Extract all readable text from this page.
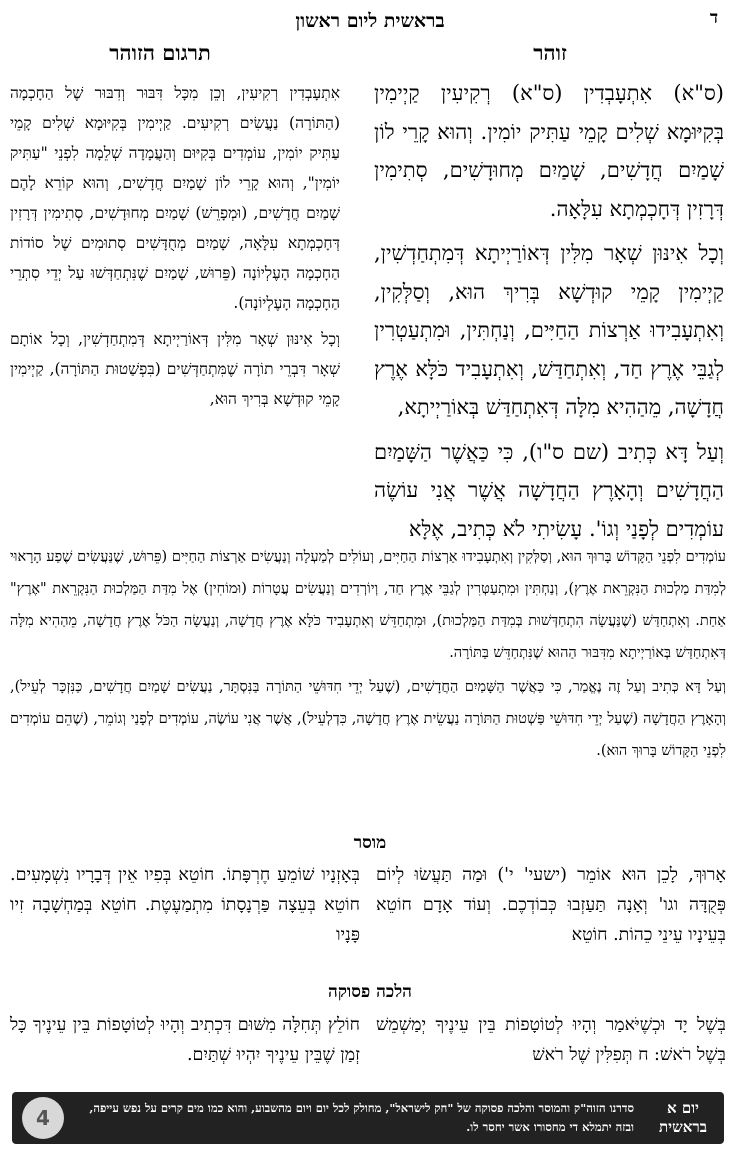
ד
בראשית ליום ראשון
זוהר
תרגום הזוהר

(ס"א) אִתְעָבְדִין (ס"א) רְקִיעִין קַיְימִין בְּקִיּוּמָא שְׁלִים קָמֵי עַתִּיק יוֹמִין. וְהוּא קָרֵי לוֹן שָׁמַיִם חֲדָשִׁים, שָׁמַיִם מְחוּדָשִׁים, סְתִימִין דְּרָזִין דְּחָכְמְתָא עִלָּאָה.

וְכָל אִינּוּן שְׁאָר מִלִּין דְּאוֹרַיְיתָא דְּמִתְחַדְשִׁין, קַיְימִין קָמֵי קוּדְשָׁא בְּרִיךְ הוּא, וְסַלְּקִין, וְאִתְעָבִידוּ אַרְצוֹת הַחַיִּים, וְנַחְתִּין, וּמִתְעַטְרִין לְגַבֵּי אֶרֶץ חַד, וְאִתְחַדַּשׁ, וְאִתְעָבִיד כֹּלָּא אֶרֶץ חֲדָשָׁה, מֵהַהִיא מִלָּה דְּאִתְחַדַּשׁ בְּאוֹרַיְיתָא,

וְעַל דָּא כְּתִיב (שם ס"ו), כִּי כַּאֲשֶׁר הַשָּׁמַיִם הַחֲדָשִׁים וְהָאָרֶץ הַחֲדָשָׁה אֲשֶׁר אֲנִי עוֹשֶׂה עוֹמְדִים לְפָנַי וְגוֹ'. עָשִׂיתִי לֹא כְּתִיב, אֶלָּא

אִתְעָבְדִין רְקִיעִין, וְכֵן מִכָּל דִּבּוּר וְדִבּוּר שֶׁל הַחָכְמָה (הַתּוֹרָה) נַעֲשִׂים רְקִיעִים. קַיְימִין בְּקִיּוּמָא שְׁלִים קָמֵי עַתִּיק יוֹמִין, עוֹמְדִים בְּקִיּוּם וְהַעֲמָדָה שְׁלֵמָה לִפְנֵי "עַתִּיק יוֹמִין", וְהוּא קָרֵי לוֹן שָׁמַיִם חֲדָשִׁים, וְהוּא קוֹרֵא לָהֶם שָׁמַיִם חֲדָשִׁים, (וּמְפָרֵשׁ) שָׁמַיִם מְחוּדָשִׁים, סְתִימִין דְּרָזִין דְּחָכְמְתָא עִלָּאָה, שָׁמַיִם מְחֻדָּשִׁים סְתוּמִים שֶׁל סוֹדוֹת הַחָכְמָה הָעֶלְיוֹנָה (פֵּרוּשׁ, שָׁמַיִם שֶׁנִּתְחַדְּשׁוּ עַל יְדֵי סִתְרֵי הַחָכְמָה הָעֶלְיוֹנָה).

וְכָל אִינּוּן שְׁאָר מִלִּין דְּאוֹרַיְיתָא דְּמִתְחַדְשִׁין, וְכָל אוֹתָם שְׁאָר דִּבְרֵי תוֹרָה שֶׁמִּתְחַדְּשִׁים (בִּפְשַׁטוּת הַתּוֹרָה), קַיְימִין קָמֵי קוּדְשָׁא בְּרִיךְ הוּא,

עוֹמְדִים לִפְנֵי הַקָּדוֹשׁ בָּרוּךְ הוּא, וְסַלְּקִין וְאִתְעָבִידוּ אַרְצוֹת הַחַיִּים, וְעוֹלִים לְמַעְלָה וְנַעֲשִׂים אַרְצוֹת הַחַיִּים (פֵּרוּשׁ, שֶׁנַּעֲשִׂים שֶׁפַע הָרָאוּי לְמִדַּת מַלְכוּת הַנִּקְרֵאת אֶרֶץ), וְנַחְתִּין וּמִתְעַטְּרִין לְגַבֵּי אֶרֶץ חַד, וְיוֹרְדִים וְנַעֲשִׂים עֲטָרוֹת (וּמוֹחִין) אֶל מִדַּת הַמַּלְכוּת הַנִּקְרֵאת "אֶרֶץ" אַחַת. וְאִתְחַדַּשׁ (שֶׁנַּעֲשָׂה הִתְחַדְּשׁוּת בְּמִדַּת הַמַּלְכוּת), וּמִתְחַדֵּשׁ וְאִתְעָבִיד כֹּלָּא אֶרֶץ חֲדָשָׁה, וְנַעֲשָׂה הַכֹּל אֶרֶץ חֲדָשָׁה, מֵהַהִיא מִלָּה דְּאִתְחַדַּשׁ בְּאוֹרַיְיתָא מִדִּבּוּר הַהוּא שֶׁנִּתְחַדֵּשׁ בַּתּוֹרָה.

וְעַל דָּא כְּתִיב וְעַל זֶה נֶאֱמַר, כִּי כַּאֲשֶׁר הַשָּׁמַיִם הַחֲדָשִׁים, (שֶׁעַל יְדֵי חִדּוּשֵׁי הַתּוֹרָה בַּנִּסְתָּר, נַעֲשִׂים שָׁמַיִם חֲדָשִׁים, כַּנִּזְכָּר לְעֵיל), וְהָאָרֶץ הַחֲדָשָׁה (שֶׁעַל יְדֵי חִדּוּשֵׁי פַּשְׁטוּת הַתּוֹרָה נַעֲשֵׂית אֶרֶץ חֲדָשָׁה, כִּדְלְעֵיל), אֲשֶׁר אֲנִי עוֹשֶׂה, עוֹמְדִים לְפָנַי וְגוֹמֵר, (שֶׁהֵם עוֹמְדִים לִפְנֵי הַקָּדוֹשׁ בָּרוּךְ הוּא).

מוסר
אָרוּךְ, לָכֵן הוּא אוֹמֵר (ישעי' י') וּמַה תַּעֲשׂוּ לְיוֹם פְּקֻדָּה וגו' וְאָנָה תַּעַזְבוּ כְּבוֹדְכֶם. וְעוֹד אָדָם חוֹטֵא בְּעֵינָיו עֵינֵי כֵהוֹת. חוֹטֵא
בְּאָזְנָיו שׁוֹמֵעַ חֶרְפָּתוֹ. חוֹטֵא בְּפִיו אֵין דְּבָרָיו נִשְׁמָעִים. חוֹטֵא בְּעֵצָה פַּרְנָסָתוֹ מִתְמַעֶטֶת. חוֹטֵא בְּמַחְשָׁבָה זִיו פָּנָיו
הלכה פסוקה
בְּשֶׁל יָד וּכְשֶׁיֹּאמַר וְהָיוּ לְטוֹטָפוֹת בֵּין עֵינֶיךָ יְמַשְׁמֵשׁ בְּשֶׁל רֹאשׁ: ח תְּפִלִּין שֶׁל רֹאשׁ
חוֹלֵץ תְּחִלָּה מִשּׁוּם דִּכְתִיב וְהָיוּ לְטוֹטָפוֹת בֵּין עֵינֶיךָ כָּל זְמַן שֶׁבֵּין עֵינֶיךָ יִהְיוּ שְׁתַּיִם.
יום א
בראשית
סדרנו הזוה"ק והמוסר והלכה פסוקה של "חק לישראל", מחולק לכל יום ויום מהשבוע, והוא כמו מים קרים על נפש עייפה, ובזה יתמלא די מחסורו אשר יחסר לו.
4
